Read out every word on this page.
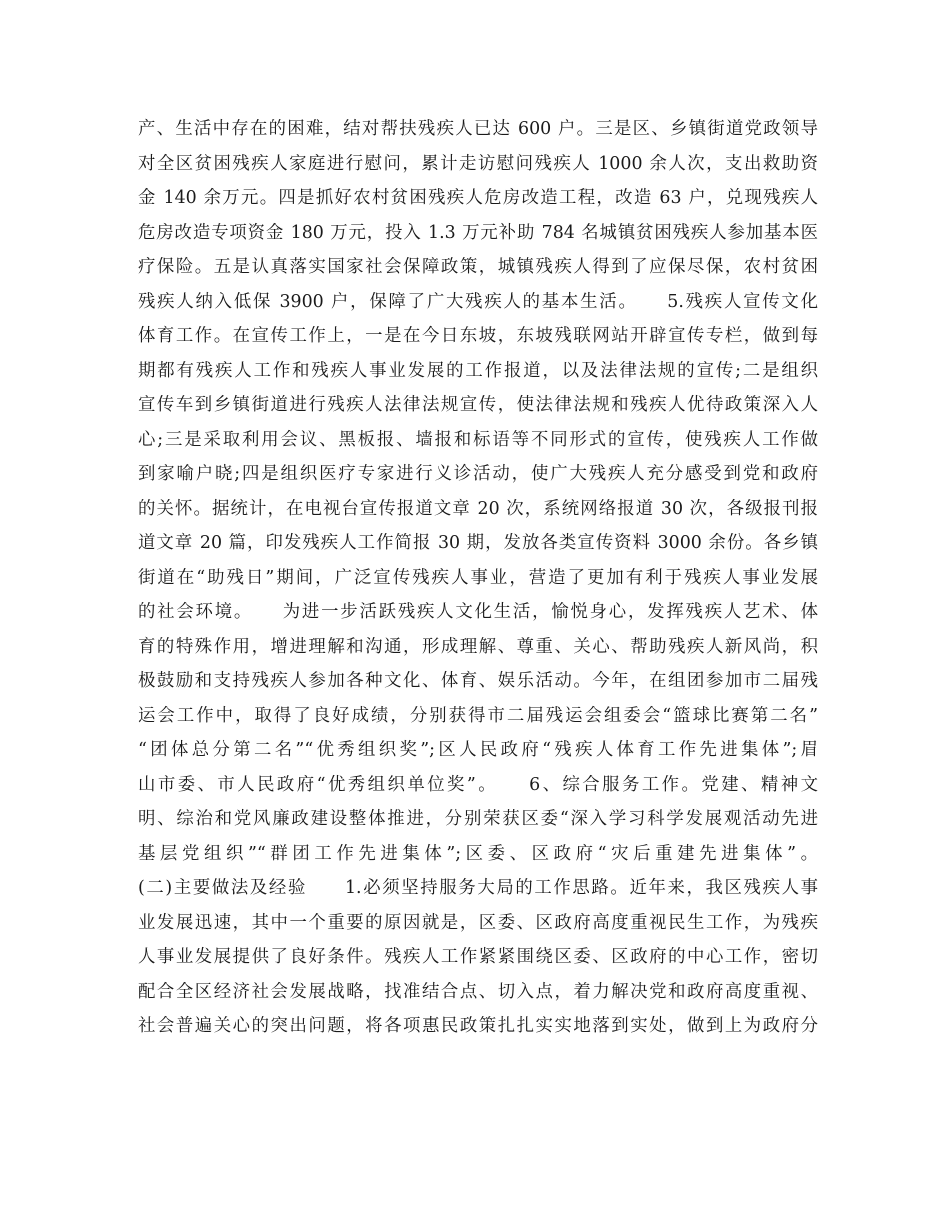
产、生活中存在的困难，结对帮扶残疾人已达 600 户。三是区、乡镇街道党政领导
对全区贫困残疾人家庭进行慰问，累计走访慰问残疾人 1000 余人次，支出救助资
金 140 余万元。四是抓好农村贫困残疾人危房改造工程，改造 63 户，兑现残疾人
危房改造专项资金 180 万元，投入 1.3 万元补助 784 名城镇贫困残疾人参加基本医
疗保险。五是认真落实国家社会保障政策，城镇残疾人得到了应保尽保，农村贫困
残疾人纳入低保 3900 户，保障了广大残疾人的基本生活。　　5.残疾人宣传文化
体育工作。在宣传工作上，一是在今日东坡，东坡残联网站开辟宣传专栏，做到每
期都有残疾人工作和残疾人事业发展的工作报道，以及法律法规的宣传;二是组织
宣传车到乡镇街道进行残疾人法律法规宣传，使法律法规和残疾人优待政策深入人
心;三是采取利用会议、黑板报、墙报和标语等不同形式的宣传，使残疾人工作做
到家喻户晓;四是组织医疗专家进行义诊活动，使广大残疾人充分感受到党和政府
的关怀。据统计，在电视台宣传报道文章 20 次，系统网络报道 30 次，各级报刊报
道文章 20 篇，印发残疾人工作简报 30 期，发放各类宣传资料 3000 余份。各乡镇
街道在“助残日”期间，广泛宣传残疾人事业，营造了更加有利于残疾人事业发展
的社会环境。　　为进一步活跃残疾人文化生活，愉悦身心，发挥残疾人艺术、体
育的特殊作用，增进理解和沟通，形成理解、尊重、关心、帮助残疾人新风尚，积
极鼓励和支持残疾人参加各种文化、体育、娱乐活动。今年，在组团参加市二届残
运会工作中，取得了良好成绩，分别获得市二届残运会组委会“篮球比赛第二名”
“团体总分第二名”“优秀组织奖”;区人民政府“残疾人体育工作先进集体”;眉
山市委、市人民政府“优秀组织单位奖”。　　6、综合服务工作。党建、精神文
明、综治和党风廉政建设整体推进，分别荣获区委“深入学习科学发展观活动先进
基层党组织”“群团工作先进集体”;区委、区政府“灾后重建先进集体”。
(二)主要做法及经验　　1.必须坚持服务大局的工作思路。近年来，我区残疾人事
业发展迅速，其中一个重要的原因就是，区委、区政府高度重视民生工作，为残疾
人事业发展提供了良好条件。残疾人工作紧紧围绕区委、区政府的中心工作，密切
配合全区经济社会发展战略，找准结合点、切入点，着力解决党和政府高度重视、
社会普遍关心的突出问题，将各项惠民政策扎扎实实地落到实处，做到上为政府分
